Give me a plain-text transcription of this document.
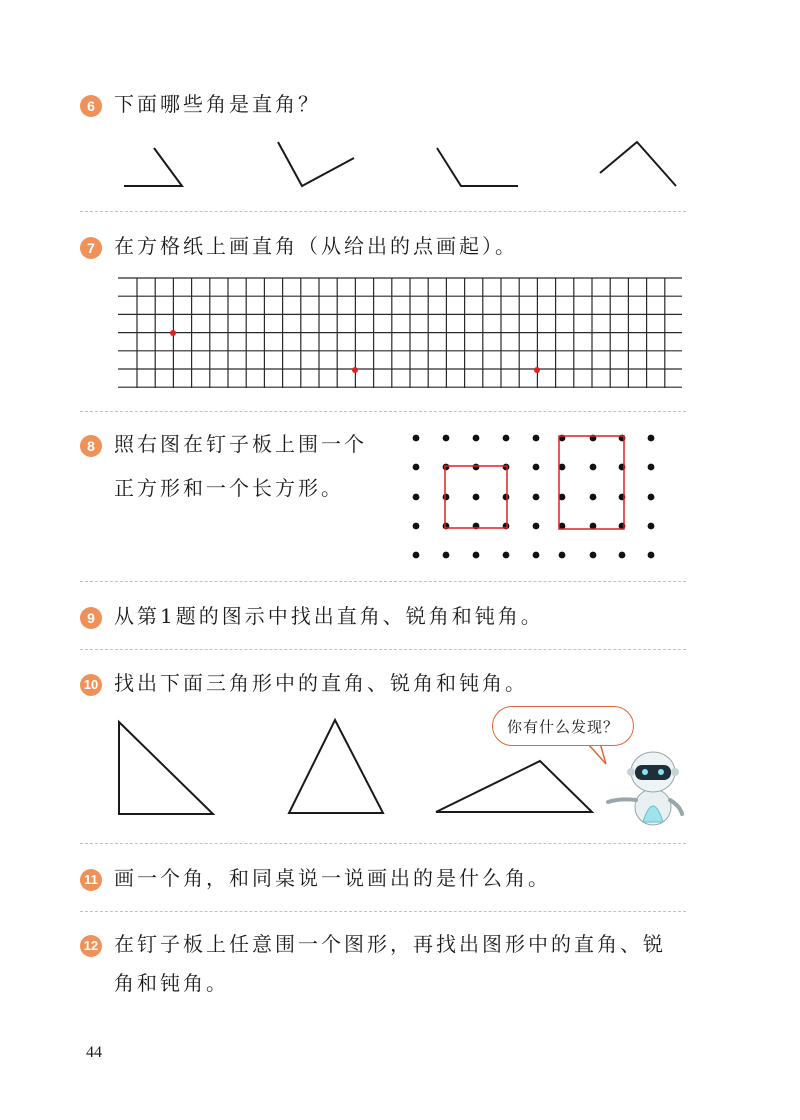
6 下面哪些角是直角？
7 在方格纸上画直角（从给出的点画起）。
8 照右图在钉子板上围一个
正方形和一个长方形。
9 从第1题的图示中找出直角、锐角和钝角。
10 找出下面三角形中的直角、锐角和钝角。
你有什么发现？
11 画一个角，和同桌说一说画出的是什么角。
12 在钉子板上任意围一个图形，再找出图形中的直角、锐
角和钝角。
44
